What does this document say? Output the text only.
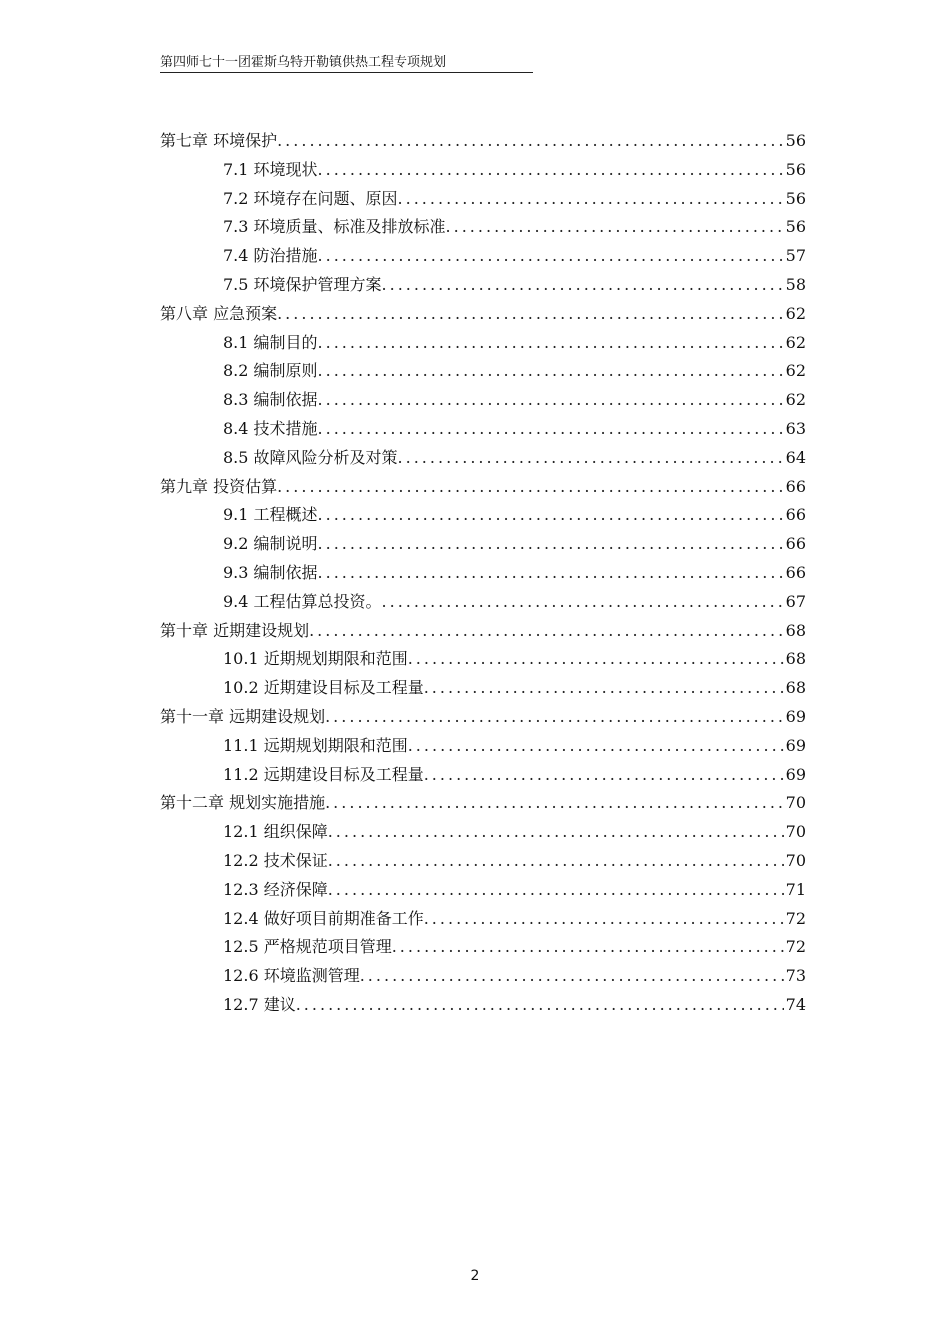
第四师七十一团霍斯乌特开勒镇供热工程专项规划
第七章 环境保护 .....	56
7.1 环境现状 .....	56
7.2 环境存在问题、原因 .....	56
7.3 环境质量、标准及排放标准 .....	56
7.4 防治措施 .....	57
7.5 环境保护管理方案 .....	58
第八章 应急预案 .....	62
8.1 编制目的 .....	62
8.2 编制原则 .....	62
8.3 编制依据 .....	62
8.4 技术措施 .....	63
8.5 故障风险分析及对策 .....	64
第九章 投资估算 .....	66
9.1 工程概述 .....	66
9.2 编制说明 .....	66
9.3 编制依据 .....	66
9.4 工程估算总投资。 .....	67
第十章 近期建设规划 .....	68
10.1 近期规划期限和范围 .....	68
10.2 近期建设目标及工程量 .....	68
第十一章 远期建设规划 .....	69
11.1 远期规划期限和范围 .....	69
11.2 远期建设目标及工程量 .....	69
第十二章 规划实施措施 .....	70
12.1 组织保障 .....	70
12.2 技术保证 .....	70
12.3 经济保障 .....	71
12.4 做好项目前期准备工作 .....	72
12.5 严格规范项目管理 .....	72
12.6 环境监测管理 .....	73
12.7 建议 .....	74
2
